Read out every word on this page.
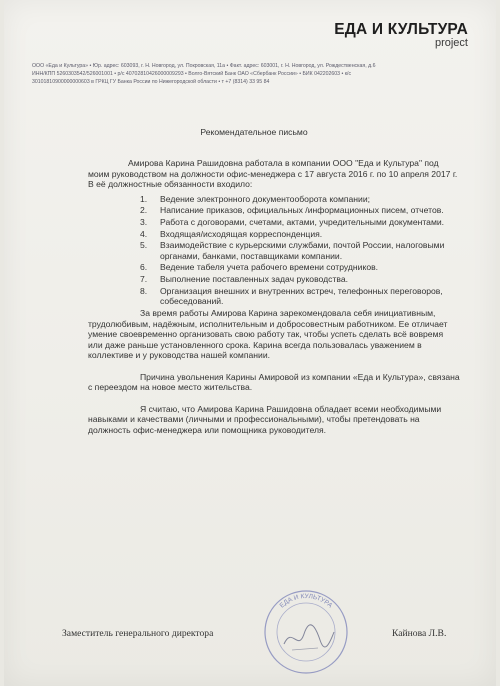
ЕДА И КУЛЬТУРА
project
ООО «Еда и Культура» • Юр. адрес: 603093, г. Н. Новгород, ул. Покровская, 11а • Факт. адрес: 603001, г. Н. Новгород, ул. Рождественская, д.6
ИНН/КПП 5260303542/526001001 • р/с 40702810426000009293 • Волго-Вятский Банк ОАО «Сбербанк России» • БИК 042202603 • к/с
30101810900000000603 в ГРКЦ ГУ Банка России по Нижегородской области • т +7 (8314) 33 95 84
Рекомендательное письмо

Амирова Карина Рашидовна работала в компании ООО "Еда и Культура" под моим руководством на должности офис-менеджера с 17 августа 2016 г. по 10 апреля 2017 г.

В её должностные обязанности входило:

Ведение электронного документооборота компании;
Написание приказов, официальных /информационных писем, отчетов.
Работа с договорами, счетами, актами, учредительными документами.
Входящая/исходящая корреспонденция.
Взаимодействие с курьерскими службами, почтой России, налоговыми органами, банками, поставщиками компании.
Ведение табеля учета рабочего времени сотрудников.
Выполнение поставленных задач руководства.
Организация внешних и внутренних встреч, телефонных переговоров, собеседований.

За время работы Амирова Карина зарекомендовала себя инициативным, трудолюбивым, надёжным, исполнительным и добросовестным работником. Ее отличает умение своевременно организовать свою работу так, чтобы успеть сделать всё вовремя или даже раньше установленного срока. Карина всегда пользовалась уважением в коллективе и у руководства нашей компании.

Причина увольнения Карины Амировой из компании «Еда и Культура», связана с переездом на новое место жительства.

Я считаю, что Амирова Карина Рашидовна обладает всеми необходимыми навыками и качествами (личными и профессиональными), чтобы претендовать на должность офис-менеджера или помощника руководителя.

ЕДА И КУЛЬТУРА
Заместитель генерального директора	Кайнова Л.В.
